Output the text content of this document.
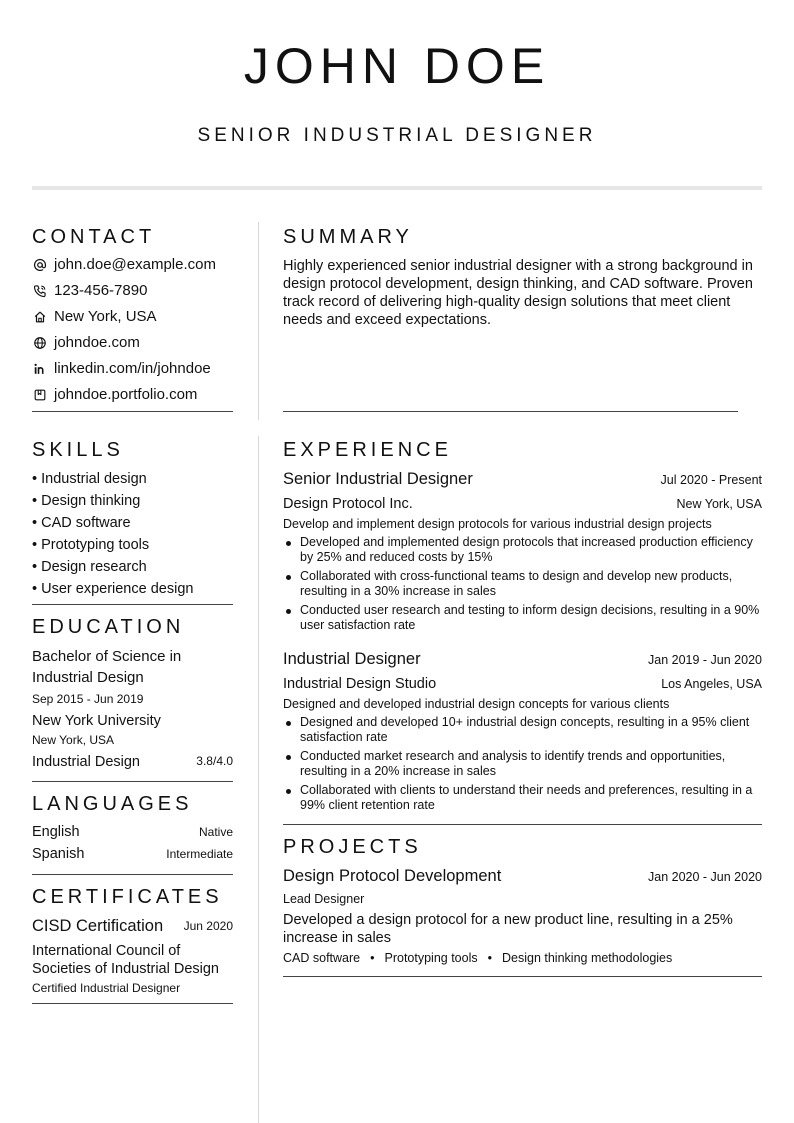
JOHN DOE
SENIOR INDUSTRIAL DESIGNER
CONTACT
john.doe@example.com
123-456-7890
New York, USA
johndoe.com
linkedin.com/in/johndoe
johndoe.portfolio.com
SUMMARY
Highly experienced senior industrial designer with a strong background in design protocol development, design thinking, and CAD software. Proven track record of delivering high-quality design solutions that meet client needs and exceed expectations.
SKILLS
• Industrial design
• Design thinking
• CAD software
• Prototyping tools
• Design research
• User experience design
EDUCATION
Bachelor of Science in
Industrial Design
Sep 2015 - Jun 2019
New York University
New York, USA
Industrial Design	3.8/4.0
LANGUAGES
English	Native
Spanish	Intermediate
CERTIFICATES
CISD Certification Jun 2020
International Council of
Societies of Industrial Design
Certified Industrial Designer
EXPERIENCE
Senior Industrial Designer	Jul 2020 - Present
Design Protocol Inc.	New York, USA
Develop and implement design protocols for various industrial design projects
Developed and implemented design protocols that increased production efficiency by 25% and reduced costs by 15%
Collaborated with cross-functional teams to design and develop new products, resulting in a 30% increase in sales
Conducted user research and testing to inform design decisions, resulting in a 90% user satisfaction rate
Industrial Designer	Jan 2019 - Jun 2020
Industrial Design Studio	Los Angeles, USA
Designed and developed industrial design concepts for various clients
Designed and developed 10+ industrial design concepts, resulting in a 95% client satisfaction rate
Conducted market research and analysis to identify trends and opportunities, resulting in a 20% increase in sales
Collaborated with clients to understand their needs and preferences, resulting in a 99% client retention rate
PROJECTS
Design Protocol Development	Jan 2020 - Jun 2020
Lead Designer
Developed a design protocol for a new product line, resulting in a 25% increase in sales
CAD software • Prototyping tools • Design thinking methodologies
